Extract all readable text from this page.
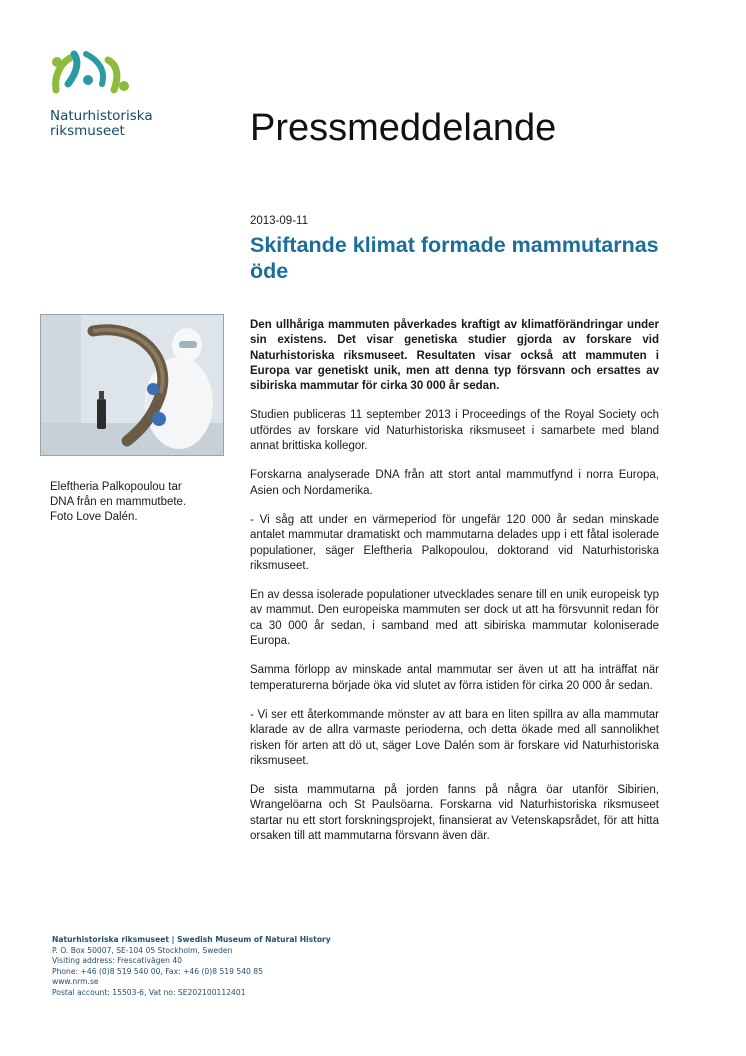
Naturhistoriska
riksmuseet	Pressmeddelande
2013-09-11
Skiftande klimat formade mammutarnas öde
Eleftheria Palkopoulou tar
DNA från en mammutbete.
Foto Love Dalén.

Den ullhåriga mammuten påverkades kraftigt av klimatförändringar under sin existens. Det visar genetiska studier gjorda av forskare vid Naturhistoriska riksmuseet. Resultaten visar också att mammuten i Europa var genetiskt unik, men att denna typ försvann och ersattes av sibiriska mammutar för cirka 30 000 år sedan.

Studien publiceras 11 september 2013 i Proceedings of the Royal Society och utfördes av forskare vid Naturhistoriska riksmuseet i samarbete med bland annat brittiska kollegor.

Forskarna analyserade DNA från att stort antal mammutfynd i norra Europa, Asien och Nordamerika.

- Vi såg att under en värmeperiod för ungefär 120 000 år sedan minskade antalet mammutar dramatiskt och mammutarna delades upp i ett fåtal isolerade populationer, säger Eleftheria Palkopoulou, doktorand vid Naturhistoriska riksmuseet.

En av dessa isolerade populationer utvecklades senare till en unik europeisk typ av mammut. Den europeiska mammuten ser dock ut att ha försvunnit redan för ca 30 000 år sedan, i samband med att sibiriska mammutar koloniserade Europa.

Samma förlopp av minskade antal mammutar ser även ut att ha inträffat när temperaturerna började öka vid slutet av förra istiden för cirka 20 000 år sedan.

- Vi ser ett återkommande mönster av att bara en liten spillra av alla mammutar klarade av de allra varmaste perioderna, och detta ökade med all sannolikhet risken för arten att dö ut, säger Love Dalén som är forskare vid Naturhistoriska riksmuseet.

De sista mammutarna på jorden fanns på några öar utanför Sibirien, Wrangelöarna och St Paulsöarna. Forskarna vid Naturhistoriska riksmuseet startar nu ett stort forskningsprojekt, finansierat av Vetenskapsrådet, för att hitta orsaken till att mammutarna försvann även där.

Naturhistoriska riksmuseet | Swedish Museum of Natural History
P. O. Box 50007, SE-104 05 Stockholm, Sweden
Visiting address: Frescativägen 40
Phone: +46 (0)8 519 540 00, Fax: +46 (0)8 519 540 85
www.nrm.se
Postal account: 15503-6, Vat no: SE202100112401
